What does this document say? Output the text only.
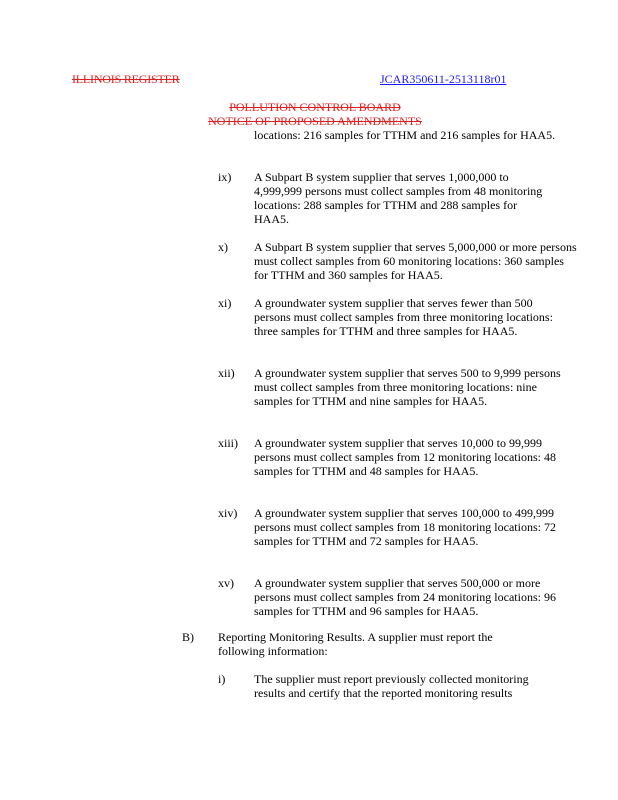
ILLINOIS REGISTER	JCAR350611-2513118r01
POLLUTION CONTROL BOARD
NOTICE OF PROPOSED AMENDMENTS
locations: 216 samples for TTHM and 216 samples for HAA5.
ix) A Subpart B system supplier that serves 1,000,000 to 4,999,999 persons must collect samples from 48 monitoring locations: 288 samples for TTHM and 288 samples for HAA5.
x) A Subpart B system supplier that serves 5,000,000 or more persons must collect samples from 60 monitoring locations: 360 samples for TTHM and 360 samples for HAA5.
xi) A groundwater system supplier that serves fewer than 500 persons must collect samples from three monitoring locations: three samples for TTHM and three samples for HAA5.
xii) A groundwater system supplier that serves 500 to 9,999 persons must collect samples from three monitoring locations: nine samples for TTHM and nine samples for HAA5.
xiii) A groundwater system supplier that serves 10,000 to 99,999 persons must collect samples from 12 monitoring locations: 48 samples for TTHM and 48 samples for HAA5.
xiv) A groundwater system supplier that serves 100,000 to 499,999 persons must collect samples from 18 monitoring locations: 72 samples for TTHM and 72 samples for HAA5.
xv) A groundwater system supplier that serves 500,000 or more persons must collect samples from 24 monitoring locations: 96 samples for TTHM and 96 samples for HAA5.
B) Reporting Monitoring Results. A supplier must report the following information:
i) The supplier must report previously collected monitoring results and certify that the reported monitoring results
